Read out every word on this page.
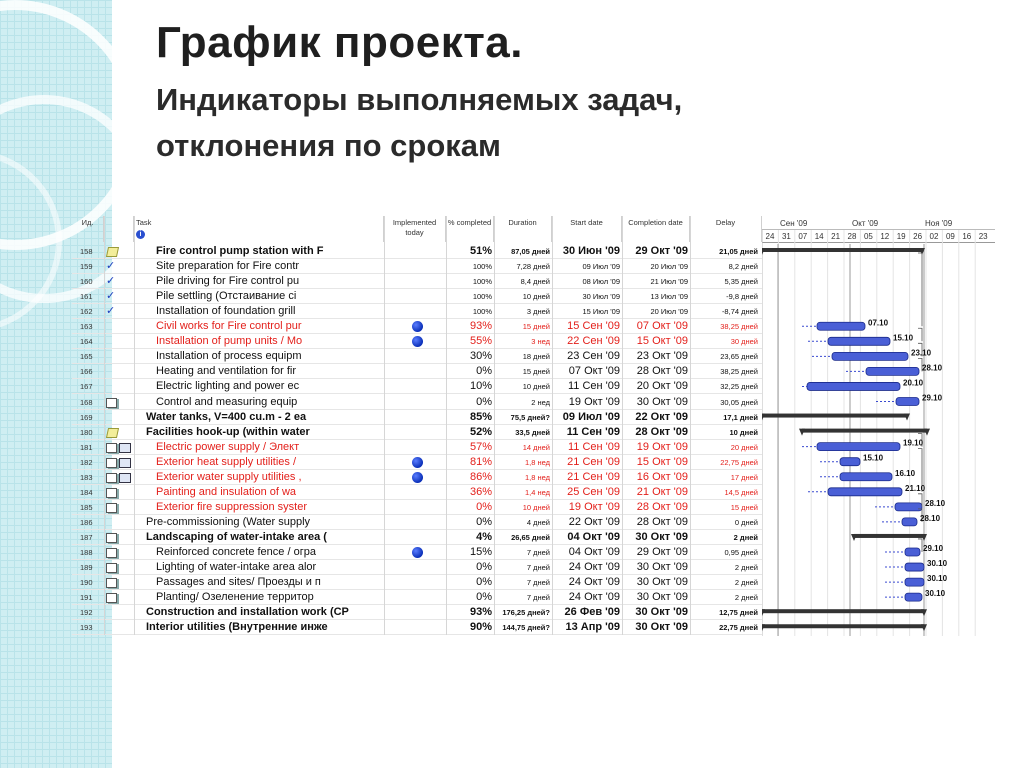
График проекта.
Индикаторы выполняемых задач,
отклонения по срокам
Ид.
i
Task	Implemented today
% completed	Duration	Start date	Completion date	Delay
158	Fire control pump station with F	51%	87,05 дней	30 Июн '09	29 Окт '09	21,05 дней
159	✓	Site preparation for Fire contr	100%	7,28 дней	09 Июл '09	20 Июл '09	8,2 дней
160	✓	Pile driving for Fire control pu	100%	8,4 дней	08 Июл '09	21 Июл '09	5,35 дней
161	✓	Pile settling (Отстаивание сі	100%	10 дней	30 Июл '09	13 Июл '09	-9,8 дней
162	✓	Installation of foundation grill	100%	3 дней	15 Июл '09	20 Июл '09	-8,74 дней
163	Civil works for Fire control pur	93%	15 дней	15 Сен '09	07 Окт '09	38,25 дней
164	Installation of pump units / Mo	55%	3 нед	22 Сен '09	15 Окт '09	30 дней
165	Installation of process equipm	30%	18 дней	23 Сен '09	23 Окт '09	23,65 дней
166	Heating and ventilation for fir	0%	15 дней	07 Окт '09	28 Окт '09	38,25 дней
167	Electric lighting and power ec	10%	10 дней	11 Сен '09	20 Окт '09	32,25 дней
168	Control and measuring equip	0%	2 нед	19 Окт '09	30 Окт '09	30,05 дней
169	Water tanks, V=400 cu.m - 2 ea	85%	75,5 дней?	09 Июл '09	22 Окт '09	17,1 дней
180	Facilities hook-up (within water	52%	33,5 дней	11 Сен '09	28 Окт '09	10 дней
181	Electric power supply / Элект	57%	14 дней	11 Сен '09	19 Окт '09	20 дней
182	Exterior heat supply utilities /	81%	1,8 нед	21 Сен '09	15 Окт '09	22,75 дней
183	Exterior water supply utilities ,	86%	1,8 нед	21 Сен '09	16 Окт '09	17 дней
184	Painting and insulation of wa	36%	1,4 нед	25 Сен '09	21 Окт '09	14,5 дней
185	Exterior fire suppression syster	0%	10 дней	19 Окт '09	28 Окт '09	15 дней
186	Pre-commissioning (Water supply	0%	4 дней	22 Окт '09	28 Окт '09	0 дней
187	Landscaping of water-intake area (	4%	26,65 дней	04 Окт '09	30 Окт '09	2 дней
188	Reinforced concrete fence / огра	15%	7 дней	04 Окт '09	29 Окт '09	0,95 дней
189	Lighting of water-intake area alor	0%	7 дней	24 Окт '09	30 Окт '09	2 дней
190	Passages and sites/ Проезды и п	0%	7 дней	24 Окт '09	30 Окт '09	2 дней
191	Planting/ Озеленение территор	0%	7 дней	24 Окт '09	30 Окт '09	2 дней
192	Construction and installation work (CP	93%	176,25 дней?	26 Фев '09	30 Окт '09	12,75 дней
193	Interior utilities (Внутренние инже	90%	144,75 дней?	13 Апр '09	30 Окт '09	22,75 дней
07.10
15.10
23.10
28.10
20.10
29.10
19.10
15.10
16.10
21.10
28.10
28.10
29.10
30.10
30.10
30.10
Сен '09	Окт '09	Ноя '09
24 31 07 14 21 28 05 12 19 26 02 09 16 23
